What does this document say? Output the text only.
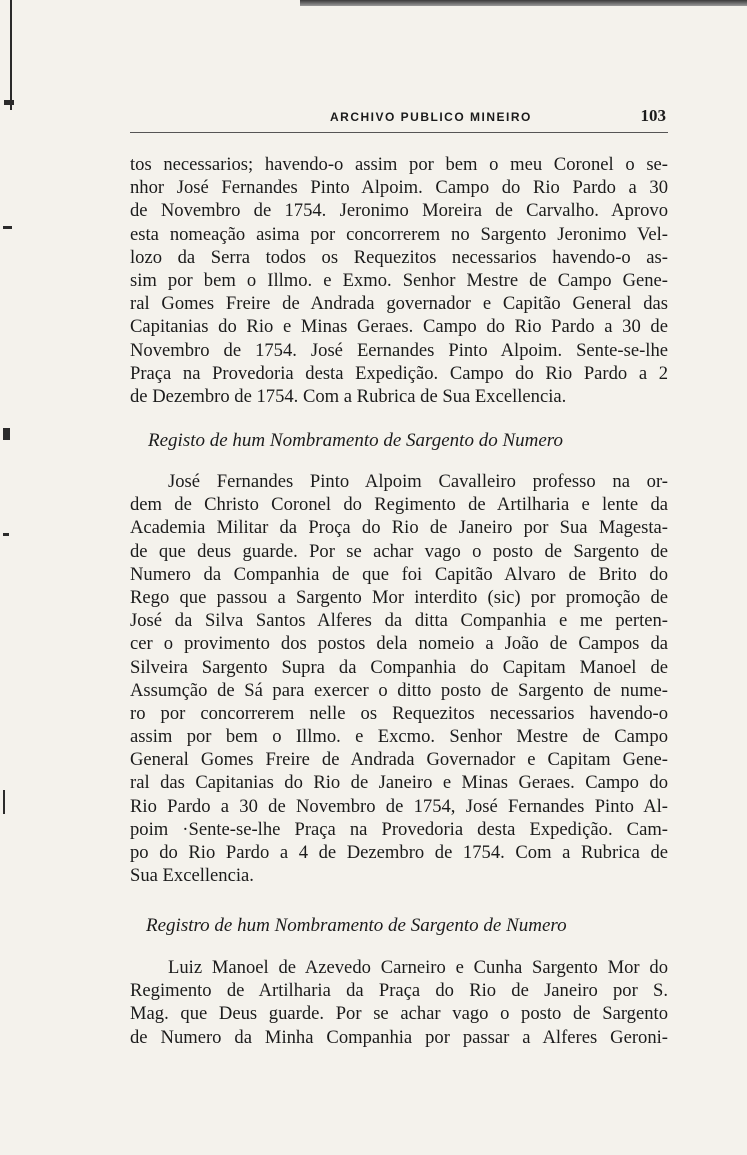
ARCHIVO PUBLICO MINEIRO	103
tos necessarios; havendo-o assim por bem o meu Coronel o se-
nhor José Fernandes Pinto Alpoim. Campo do Rio Pardo a 30
de Novembro de 1754. Jeronimo Moreira de Carvalho. Aprovo
esta nomeação asima por concorrerem no Sargento Jeronimo Vel-
lozo da Serra todos os Requezitos necessarios havendo-o as-
sim por bem o Illmo. e Exmo. Senhor Mestre de Campo Gene-
ral Gomes Freire de Andrada governador e Capitão General das
Capitanias do Rio e Minas Geraes. Campo do Rio Pardo a 30 de
Novembro de 1754. José Eernandes Pinto Alpoim. Sente-se-lhe
Praça na Provedoria desta Expedição. Campo do Rio Pardo a 2
de Dezembro de 1754. Com a Rubrica de Sua Excellencia.
Registo de hum Nombramento de Sargento do Numero
José Fernandes Pinto Alpoim Cavalleiro professo na or-
dem de Christo Coronel do Regimento de Artilharia e lente da
Academia Militar da Proça do Rio de Janeiro por Sua Magesta-
de que deus guarde. Por se achar vago o posto de Sargento de
Numero da Companhia de que foi Capitão Alvaro de Brito do
Rego que passou a Sargento Mor interdito (sic) por promoção de
José da Silva Santos Alferes da ditta Companhia e me perten-
cer o provimento dos postos dela nomeio a João de Campos da
Silveira Sargento Supra da Companhia do Capitam Manoel de
Assumção de Sá para exercer o ditto posto de Sargento de nume-
ro por concorrerem nelle os Requezitos necessarios havendo-o
assim por bem o Illmo. e Excmo. Senhor Mestre de Campo
General Gomes Freire de Andrada Governador e Capitam Gene-
ral das Capitanias do Rio de Janeiro e Minas Geraes. Campo do
Rio Pardo a 30 de Novembro de 1754, José Fernandes Pinto Al-
poim ·Sente-se-lhe Praça na Provedoria desta Expedição. Cam-
po do Rio Pardo a 4 de Dezembro de 1754. Com a Rubrica de
Sua Excellencia.
Registro de hum Nombramento de Sargento de Numero
Luiz Manoel de Azevedo Carneiro e Cunha Sargento Mor do
Regimento de Artilharia da Praça do Rio de Janeiro por S.
Mag. que Deus guarde. Por se achar vago o posto de Sargento
de Numero da Minha Companhia por passar a Alferes Geroni-
